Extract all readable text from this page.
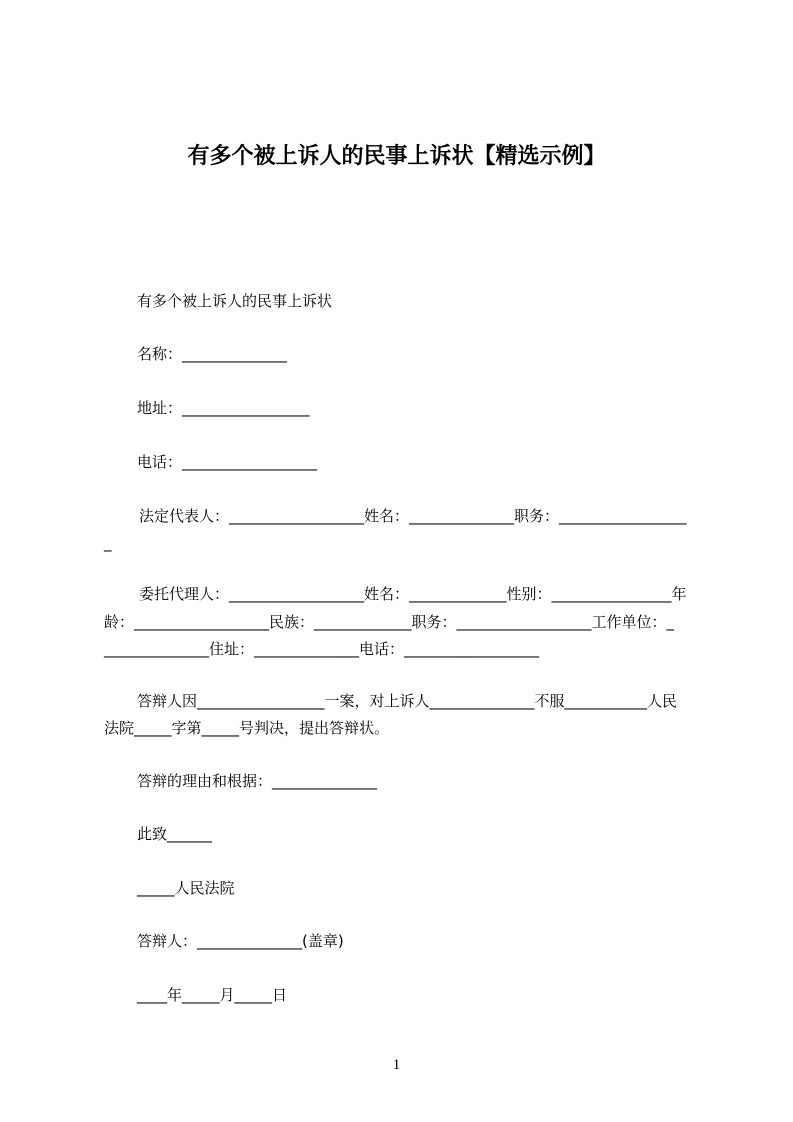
有多个被上诉人的民事上诉状【精选示例】
有多个被上诉人的民事上诉状
名称：______________
地址：_________________
电话：__________________
法定代表人：__________________姓名：______________职务：_________________
_
委托代理人：__________________姓名：_____________性别：________________年
龄：__________________民族：_____________职务：__________________工作单位：_
______________住址：______________电话：__________________
答辩人因_________________一案，对上诉人______________不服___________人民
法院_____字第_____号判决，提出答辩状。
答辩的理由和根据：______________
此致______
_____人民法院
答辩人：______________(盖章)
____年_____月_____日
1
